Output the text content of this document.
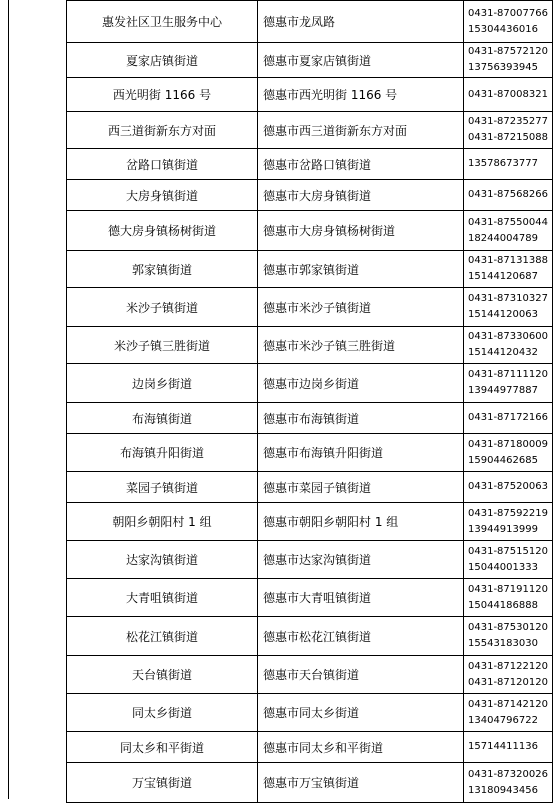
惠发社区卫生服务中心	德惠市龙凤路	0431-87007766
15304436016

夏家店镇街道	德惠市夏家店镇街道	0431-87572120
13756393945

西光明街 1166 号	德惠市西光明街 1166 号	0431-87008321

西三道街新东方对面	德惠市西三道街新东方对面	0431-87235277
0431-87215088

岔路口镇街道	德惠市岔路口镇街道	13578673777

大房身镇街道	德惠市大房身镇街道	0431-87568266

德大房身镇杨树街道	德惠市大房身镇杨树街道	0431-87550044
18244004789

郭家镇街道	德惠市郭家镇街道	0431-87131388
15144120687

米沙子镇街道	德惠市米沙子镇街道	0431-87310327
15144120063

米沙子镇三胜街道	德惠市米沙子镇三胜街道	0431-87330600
15144120432

边岗乡街道	德惠市边岗乡街道	0431-87111120
13944977887

布海镇街道	德惠市布海镇街道	0431-87172166

布海镇升阳街道	德惠市布海镇升阳街道	0431-87180009
15904462685

菜园子镇街道	德惠市菜园子镇街道	0431-87520063

朝阳乡朝阳村 1 组	德惠市朝阳乡朝阳村 1 组	0431-87592219
13944913999

达家沟镇街道	德惠市达家沟镇街道	0431-87515120
15044001333

大青咀镇街道	德惠市大青咀镇街道	0431-87191120
15044186888

松花江镇街道	德惠市松花江镇街道	0431-87530120
15543183030

天台镇街道	德惠市天台镇街道	0431-87122120
0431-87120120

同太乡街道	德惠市同太乡街道	0431-87142120
13404796722

同太乡和平街道	德惠市同太乡和平街道	15714411136

万宝镇街道	德惠市万宝镇街道	0431-87320026
13180943456
